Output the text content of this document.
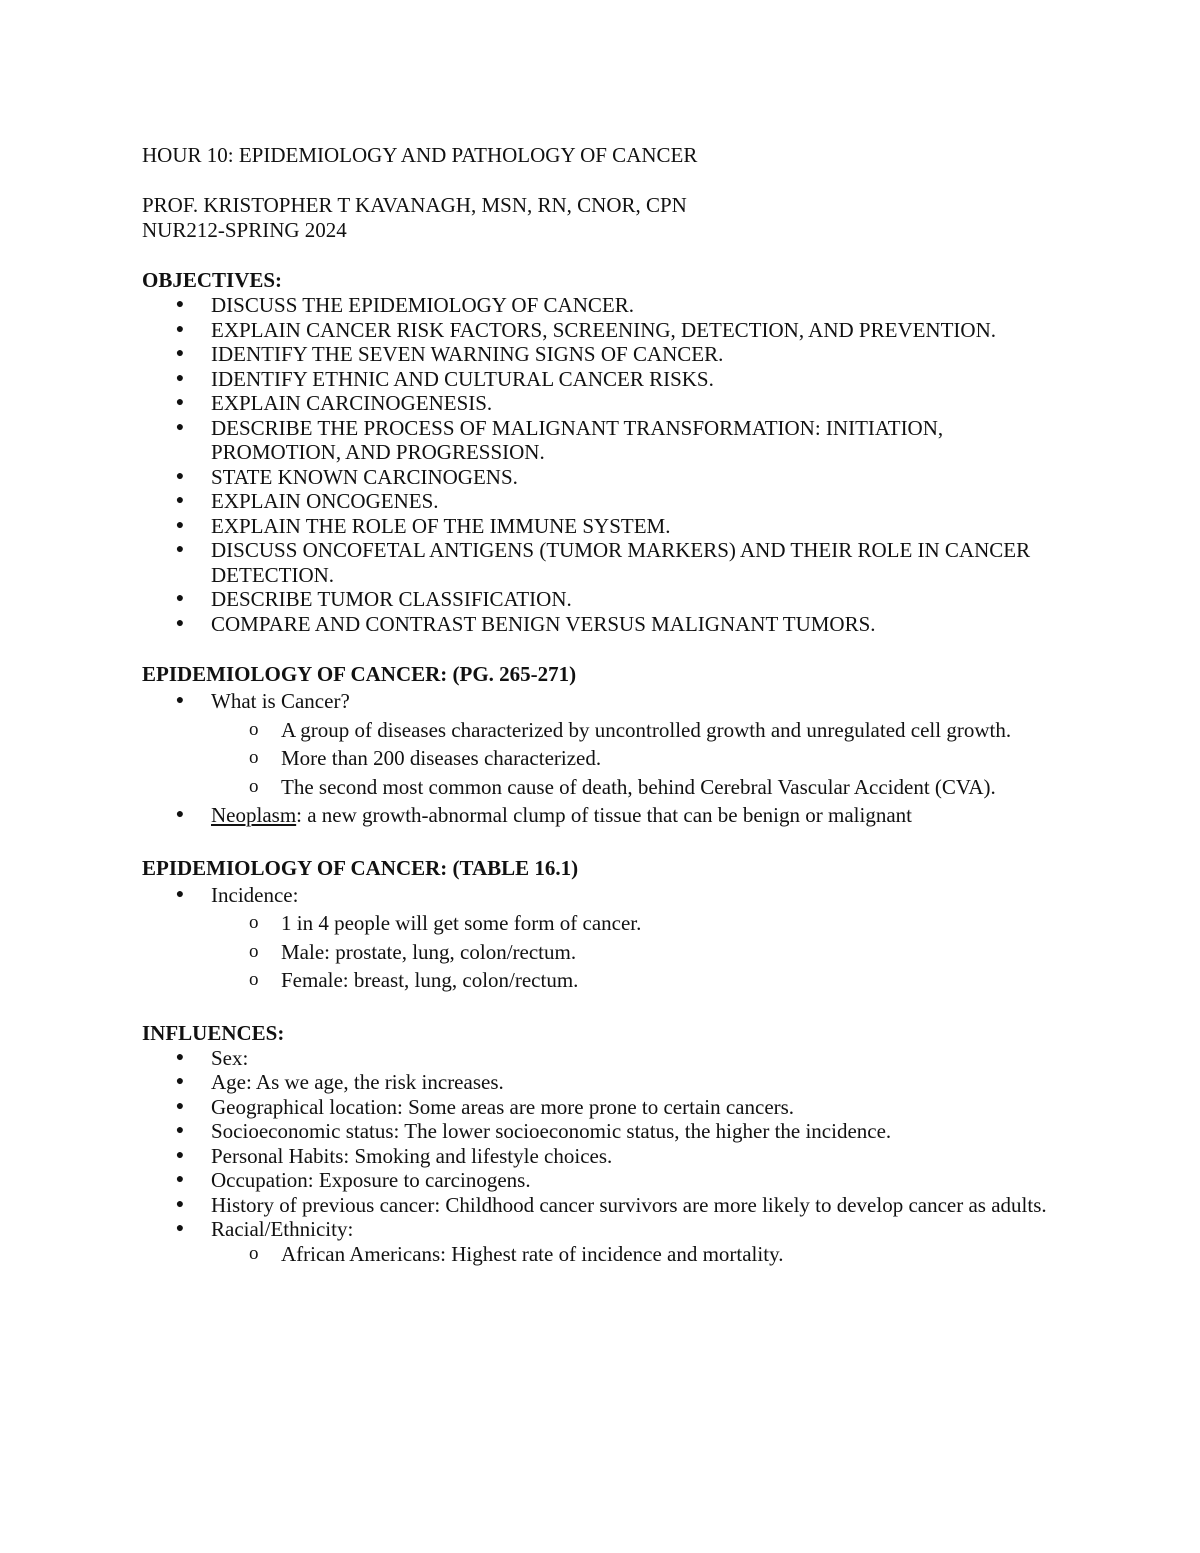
HOUR 10: EPIDEMIOLOGY AND PATHOLOGY OF CANCER

PROF. KRISTOPHER T KAVANAGH, MSN, RN, CNOR, CPN

NUR212-SPRING 2024

OBJECTIVES:

● DISCUSS THE EPIDEMIOLOGY OF CANCER.
● EXPLAIN CANCER RISK FACTORS, SCREENING, DETECTION, AND PREVENTION.
● IDENTIFY THE SEVEN WARNING SIGNS OF CANCER.
● IDENTIFY ETHNIC AND CULTURAL CANCER RISKS.
● EXPLAIN CARCINOGENESIS.
● DESCRIBE THE PROCESS OF MALIGNANT TRANSFORMATION: INITIATION, PROMOTION, AND PROGRESSION.
● STATE KNOWN CARCINOGENS.
● EXPLAIN ONCOGENES.
● EXPLAIN THE ROLE OF THE IMMUNE SYSTEM.
● DISCUSS ONCOFETAL ANTIGENS (TUMOR MARKERS) AND THEIR ROLE IN CANCER DETECTION.
● DESCRIBE TUMOR CLASSIFICATION.
● COMPARE AND CONTRAST BENIGN VERSUS MALIGNANT TUMORS.

EPIDEMIOLOGY OF CANCER: (PG. 265-271)

● What is Cancer?
o A group of diseases characterized by uncontrolled growth and unregulated cell growth.
o More than 200 diseases characterized.
o The second most common cause of death, behind Cerebral Vascular Accident (CVA).
● Neoplasm: a new growth-abnormal clump of tissue that can be benign or malignant

EPIDEMIOLOGY OF CANCER: (TABLE 16.1)

● Incidence:
o 1 in 4 people will get some form of cancer.
o Male: prostate, lung, colon/rectum.
o Female: breast, lung, colon/rectum.

INFLUENCES:

● Sex:
● Age: As we age, the risk increases.
● Geographical location: Some areas are more prone to certain cancers.
● Socioeconomic status: The lower socioeconomic status, the higher the incidence.
● Personal Habits: Smoking and lifestyle choices.
● Occupation: Exposure to carcinogens.
● History of previous cancer: Childhood cancer survivors are more likely to develop cancer as adults.
● Racial/Ethnicity:
o African Americans: Highest rate of incidence and mortality.
